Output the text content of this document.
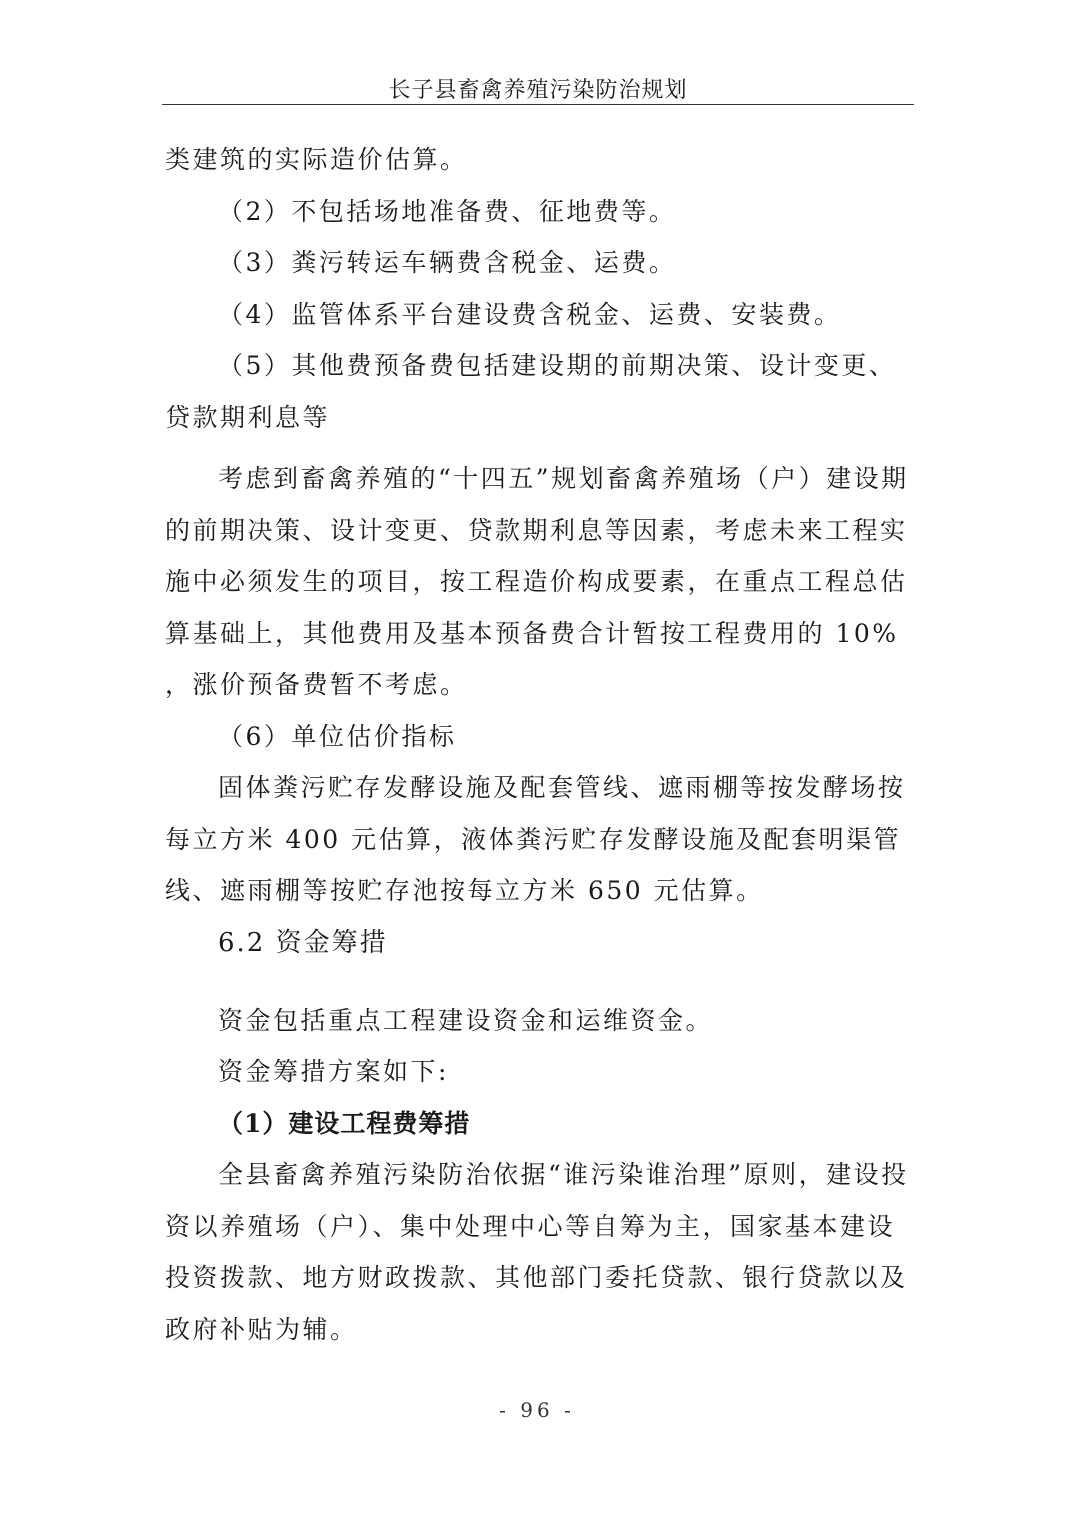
长子县畜禽养殖污染防治规划

类建筑的实际造价估算。

（2）不包括场地准备费、征地费等。

（3）粪污转运车辆费含税金、运费。

（4）监管体系平台建设费含税金、运费、安装费。

（5）其他费预备费包括建设期的前期决策、设计变更、贷款期利息等

考虑到畜禽养殖的“十四五”规划畜禽养殖场（户）建设期的前期决策、设计变更、贷款期利息等因素，考虑未来工程实施中必须发生的项目，按工程造价构成要素，在重点工程总估算基础上，其他费用及基本预备费合计暂按工程费用的 10% ，涨价预备费暂不考虑。

（6）单位估价指标

固体粪污贮存发酵设施及配套管线、遮雨棚等按发酵场按每立方米 400 元估算，液体粪污贮存发酵设施及配套明渠管线、遮雨棚等按贮存池按每立方米 650 元估算。

6.2 资金筹措

资金包括重点工程建设资金和运维资金。

资金筹措方案如下:

（1）建设工程费筹措

全县畜禽养殖污染防治依据“谁污染谁治理”原则，建设投资以养殖场（户）、集中处理中心等自筹为主，国家基本建设投资拨款、地方财政拨款、其他部门委托贷款、银行贷款以及政府补贴为辅。

- 96 -
